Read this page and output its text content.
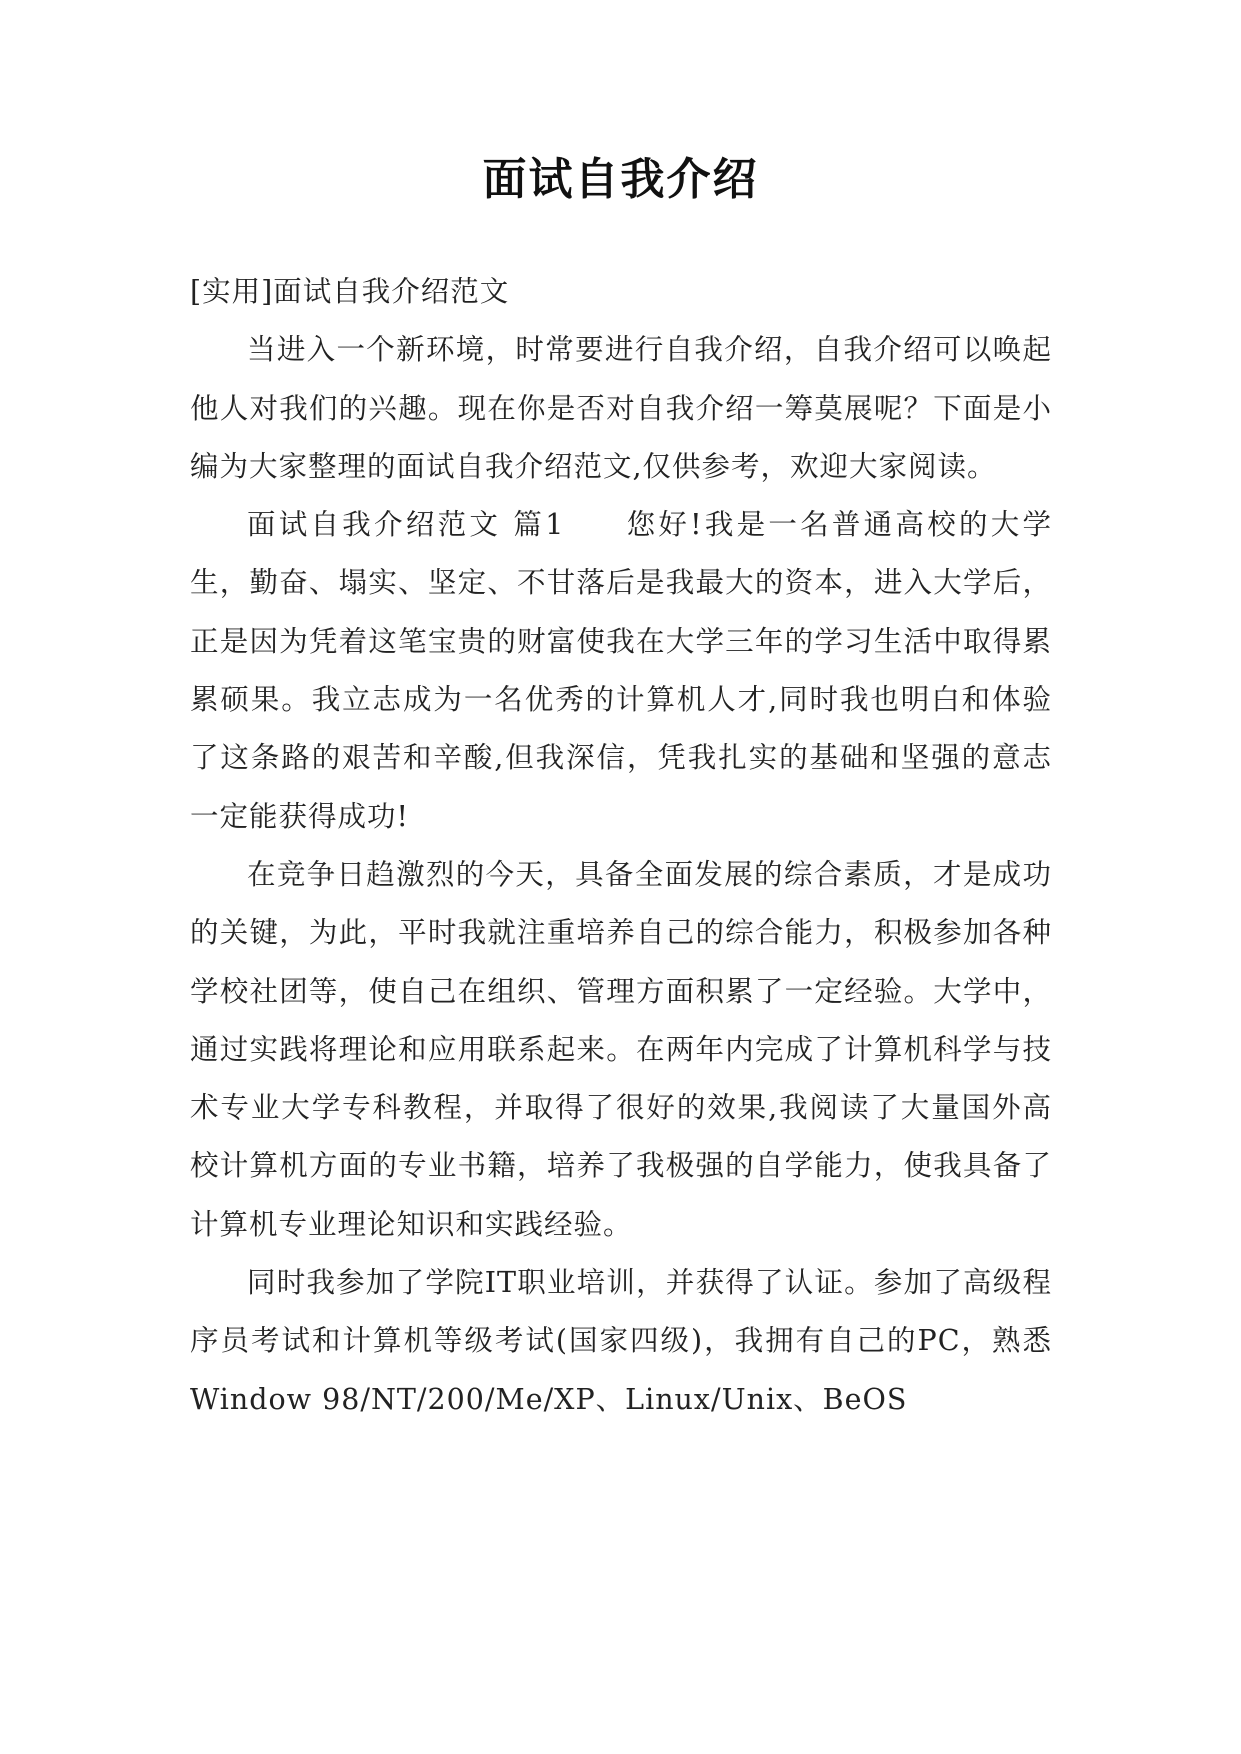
面试自我介绍

[实用]面试自我介绍范文

当进入一个新环境，时常要进行自我介绍，自我介绍可以唤起他人对我们的兴趣。现在你是否对自我介绍一筹莫展呢？下面是小编为大家整理的面试自我介绍范文,仅供参考，欢迎大家阅读。

面试自我介绍范文 篇1 您好!我是一名普通高校的大学生，勤奋、塌实、坚定、不甘落后是我最大的资本，进入大学后，正是因为凭着这笔宝贵的财富使我在大学三年的学习生活中取得累累硕果。我立志成为一名优秀的计算机人才,同时我也明白和体验了这条路的艰苦和辛酸,但我深信，凭我扎实的基础和坚强的意志一定能获得成功!

在竞争日趋激烈的今天，具备全面发展的综合素质，才是成功的关键，为此，平时我就注重培养自己的综合能力，积极参加各种学校社团等，使自己在组织、管理方面积累了一定经验。大学中，通过实践将理论和应用联系起来。在两年内完成了计算机科学与技术专业大学专科教程，并取得了很好的效果,我阅读了大量国外高校计算机方面的专业书籍，培养了我极强的自学能力，使我具备了计算机专业理论知识和实践经验。

同时我参加了学院IT职业培训，并获得了认证。参加了高级程序员考试和计算机等级考试(国家四级)，我拥有自己的PC，熟悉Window 98/NT/200/Me/XP、Linux/Unix、BeOS
